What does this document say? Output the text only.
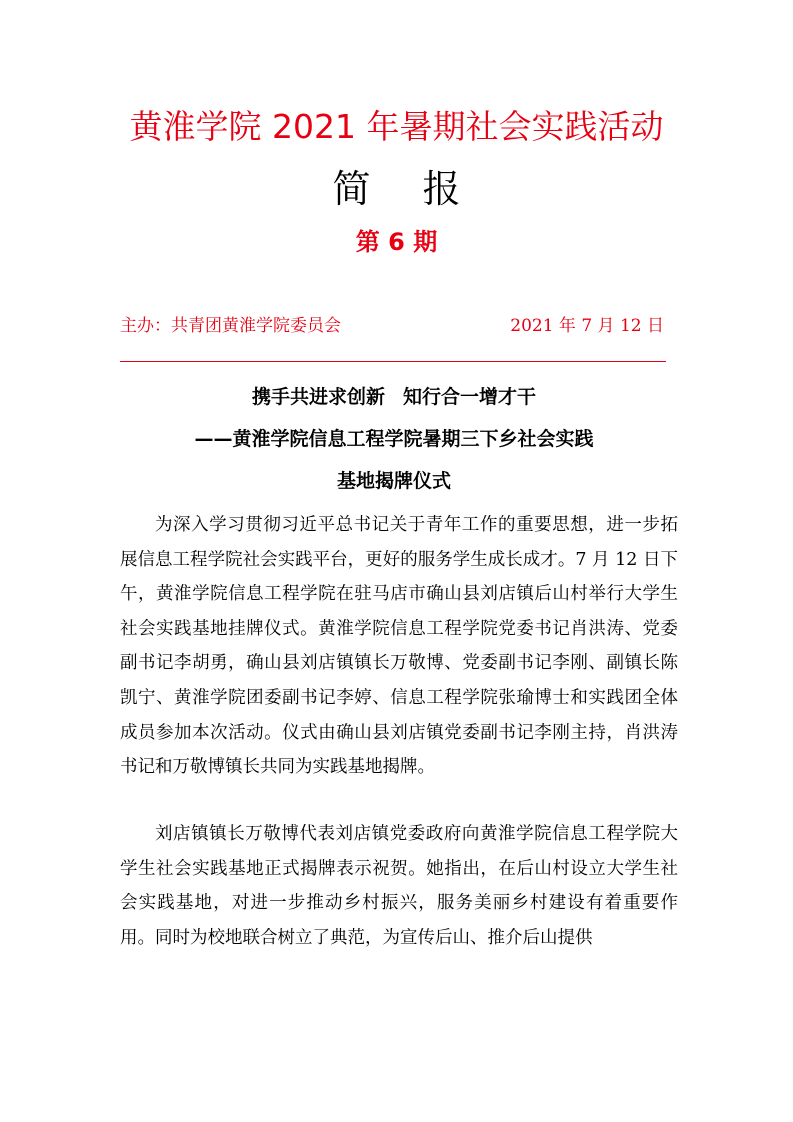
黄淮学院 2021 年暑期社会实践活动
简 报
第 6 期
主办：共青团黄淮学院委员会	2021 年 7 月 12 日
携手共进求创新 知行合一增才干
——黄淮学院信息工程学院暑期三下乡社会实践
基地揭牌仪式

为深入学习贯彻习近平总书记关于青年工作的重要思想，进一步拓展信息工程学院社会实践平台，更好的服务学生成长成才。7 月 12 日下午，黄淮学院信息工程学院在驻马店市确山县刘店镇后山村举行大学生社会实践基地挂牌仪式。黄淮学院信息工程学院党委书记肖洪涛、党委副书记李胡勇，确山县刘店镇镇长万敬博、党委副书记李刚、副镇长陈凯宁、黄淮学院团委副书记李婷、信息工程学院张瑜博士和实践团全体成员参加本次活动。仪式由确山县刘店镇党委副书记李刚主持，肖洪涛书记和万敬博镇长共同为实践基地揭牌。

刘店镇镇长万敬博代表刘店镇党委政府向黄淮学院信息工程学院大学生社会实践基地正式揭牌表示祝贺。她指出，在后山村设立大学生社会实践基地，对进一步推动乡村振兴，服务美丽乡村建设有着重要作用。同时为校地联合树立了典范，为宣传后山、推介后山提供
